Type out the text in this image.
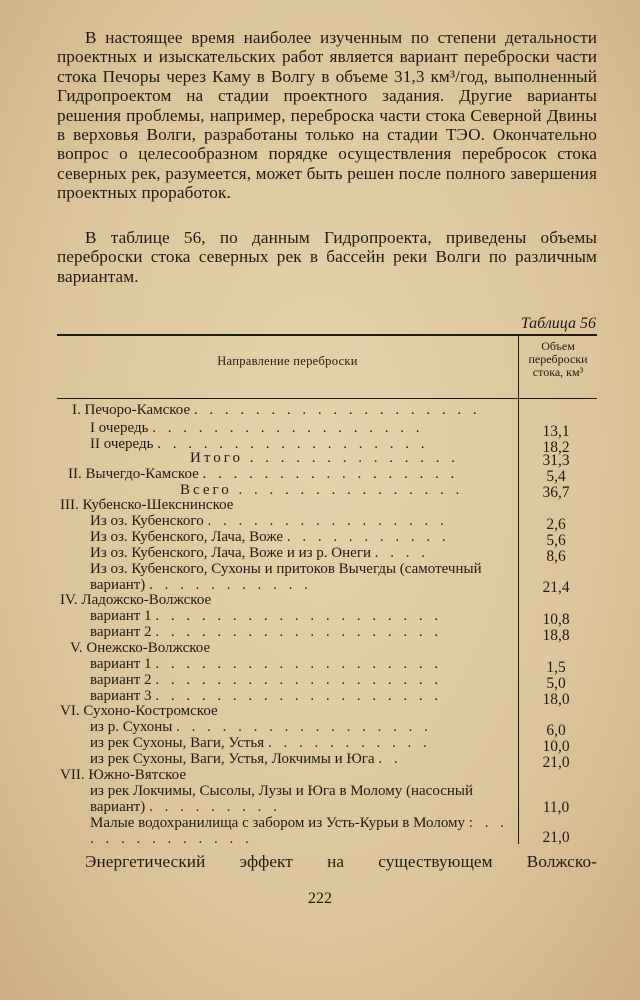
В настоящее время наиболее изученным по степени детальности проектных и изыскательских работ является вариант переброски части стока Печоры через Каму в Волгу в объеме 31,3 км³/год, выполненный Гидропроектом на стадии проектного задания. Другие варианты решения проблемы, например, переброска части стока Северной Двины в верховья Волги, разработаны только на стадии ТЭО. Окончательно вопрос о целесообразном порядке осуществления перебросок стока северных рек, разумеется, может быть решен после полного завершения проектных проработок.

В таблице 56, по данным Гидропроекта, приведены объемы переброски стока северных рек в бассейн реки Волги по различным вариантам.

Таблица 56
Направление переброски
Объем переброски стока, км³
I. Печоро-Камское . . . . . . . . . . . . . . . . . . .
I очередь . . . . . . . . . . . . . . . . . .	13,1
II очередь . . . . . . . . . . . . . . . . . .	18,2
Итого . . . . . . . . . . . . . .	31,3
II. Вычегдо-Камское . . . . . . . . . . . . . . . . .	5,4
Всего . . . . . . . . . . . . . . .	36,7
III. Кубенско-Шекснинское
Из оз. Кубенского . . . . . . . . . . . . . . . .	2,6
Из оз. Кубенского, Лача, Воже . . . . . . . . . . .	5,6
Из оз. Кубенского, Лача, Воже и из р. Онеги . . . .	8,6
Из оз. Кубенского, Сухоны и притоков Вычегды (самотечный вариант) . . . . . . . . . . .	21,4
IV. Ладожско-Волжское
вариант 1 . . . . . . . . . . . . . . . . . . .	10,8
вариант 2 . . . . . . . . . . . . . . . . . . .	18,8
V. Онежско-Волжское
вариант 1 . . . . . . . . . . . . . . . . . . .	1,5
вариант 2 . . . . . . . . . . . . . . . . . . .	5,0
вариант 3 . . . . . . . . . . . . . . . . . . .	18,0
VI. Сухоно-Костромское
из р. Сухоны . . . . . . . . . . . . . . . . .	6,0
из рек Сухоны, Ваги, Устья . . . . . . . . . . .	10,0
из рек Сухоны, Ваги, Устья, Локчимы и Юга . .	21,0
VII. Южно-Вятское
из рек Локчимы, Сысолы, Лузы и Юга в Молому (насосный вариант) . . . . . . . . .	11,0
Малые водохранилища с забором из Усть-Курьи в Молому : . . . . . . . . . . . . .	21,0

Энергетический эффект на существующем Волжско-

222
